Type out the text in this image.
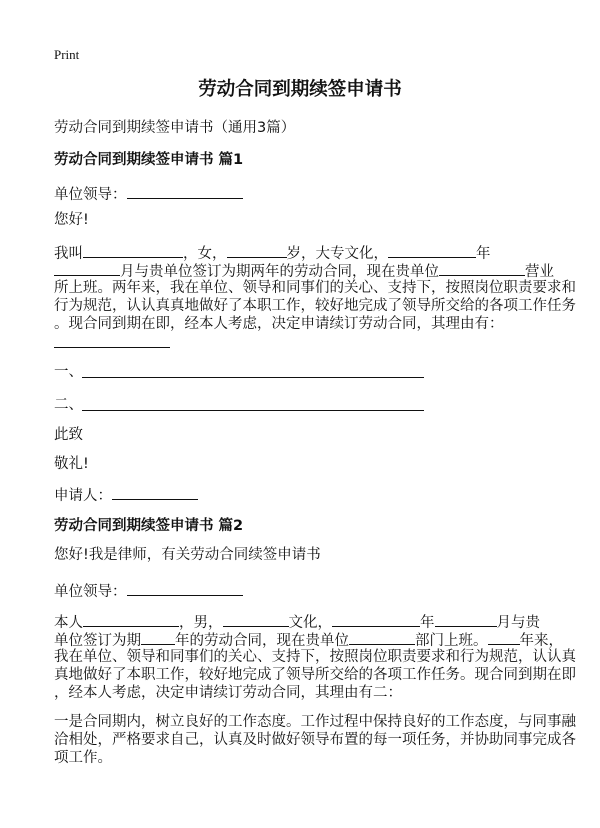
Print
劳动合同到期续签申请书
劳动合同到期续签申请书（通用3篇）
劳动合同到期续签申请书 篇1
单位领导：
您好!
我叫	，女，	岁，大专文化，	年
月与贵单位签订为期两年的劳动合同，现在贵单位	营业
所上班。两年来，我在单位、领导和同事们的关心、支持下，按照岗位职责要求和
行为规范，认认真真地做好了本职工作，较好地完成了领导所交给的各项工作任务
。现合同到期在即，经本人考虑，决定申请续订劳动合同，其理由有：
一、
二、
此致
敬礼!
申请人：
劳动合同到期续签申请书 篇2
您好!我是律师，有关劳动合同续签申请书
单位领导：
本人	，男，	文化，	年	月与贵
单位签订为期 年的劳动合同，现在贵单位	部门上班。 年来，
我在单位、领导和同事们的关心、支持下，按照岗位职责要求和行为规范，认认真
真地做好了本职工作，较好地完成了领导所交给的各项工作任务。现合同到期在即
，经本人考虑，决定申请续订劳动合同，其理由有二：
一是合同期内，树立良好的工作态度。工作过程中保持良好的工作态度，与同事融
洽相处，严格要求自己，认真及时做好领导布置的每一项任务，并协助同事完成各
项工作。
